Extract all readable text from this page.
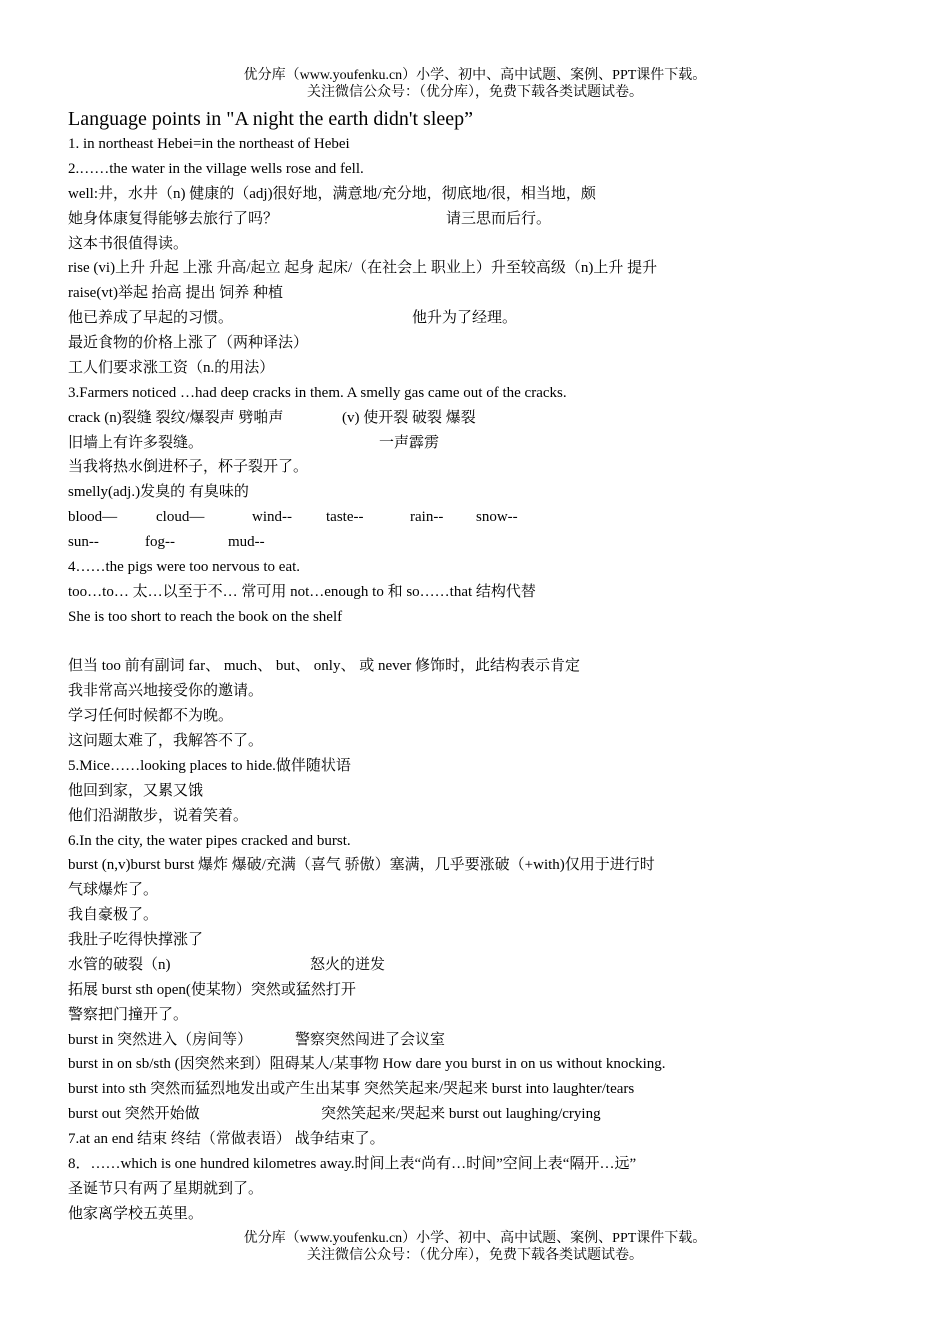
优分库（www.youfenku.cn）小学、初中、高中试题、案例、PPT课件下载。
关注微信公众号：（优分库），免费下载各类试题试卷。
Language points in "A night the earth didn't sleep”
1. in northeast Hebei=in the northeast of Hebei
2.……the water in the village wells rose and fell.
well:井，水井（n) 健康的（adj)很好地，满意地/充分地，彻底地/很，相当地，颇
她身体康复得能够去旅行了吗？	请三思而后行。
这本书很值得读。
rise (vi)上升 升起 上涨 升高/起立 起身 起床/（在社会上 职业上）升至较高级（n)上升 提升
raise(vt)举起 抬高 提出 饲养 种植
他已养成了早起的习惯。	他升为了经理。
最近食物的价格上涨了（两种译法）
工人们要求涨工资（n.的用法）
3.Farmers noticed …had deep cracks in them. A smelly gas came out of the cracks.
crack (n)裂缝 裂纹/爆裂声 劈啪声	(v) 使开裂 破裂 爆裂
旧墙上有许多裂缝。	一声霹雳
当我将热水倒进杯子，杯子裂开了。
smelly(adj.)发臭的 有臭味的
blood—	cloud—	wind-- taste--	rain-- snow--
sun--	fog--	mud--
4……the pigs were too nervous to eat.
too…to… 太…以至于不… 常可用 not…enough to 和 so……that 结构代替
She is too short to reach the book on the shelf
但当 too 前有副词 far、 much、 but、 only、 或 never 修饰时，此结构表示肯定
我非常高兴地接受你的邀请。
学习任何时候都不为晚。
这问题太难了，我解答不了。
5.Mice……looking places to hide.做伴随状语
他回到家，又累又饿
他们沿湖散步，说着笑着。
6.In the city, the water pipes cracked and burst.
burst (n,v)burst burst 爆炸 爆破/充满（喜气 骄傲）塞满，几乎要涨破（+with)仅用于进行时
气球爆炸了。
我自豪极了。
我肚子吃得快撑涨了
水管的破裂（n)	怒火的迸发
拓展 burst sth open(使某物）突然或猛然打开
警察把门撞开了。
burst in 突然进入（房间等）	警察突然闯进了会议室
burst in on sb/sth (因突然来到）阻碍某人/某事物 How dare you burst in on us without knocking.
burst into sth 突然而猛烈地发出或产生出某事 突然笑起来/哭起来 burst into laughter/tears
burst out 突然开始做	突然笑起来/哭起来 burst out laughing/crying
7.at an end 结束 终结（常做表语） 战争结束了。
8．……which is one hundred kilometres away.时间上表“尚有…时间”空间上表“隔开…远”
圣诞节只有两了星期就到了。
他家离学校五英里。
优分库（www.youfenku.cn）小学、初中、高中试题、案例、PPT课件下载。
关注微信公众号：（优分库），免费下载各类试题试卷。
